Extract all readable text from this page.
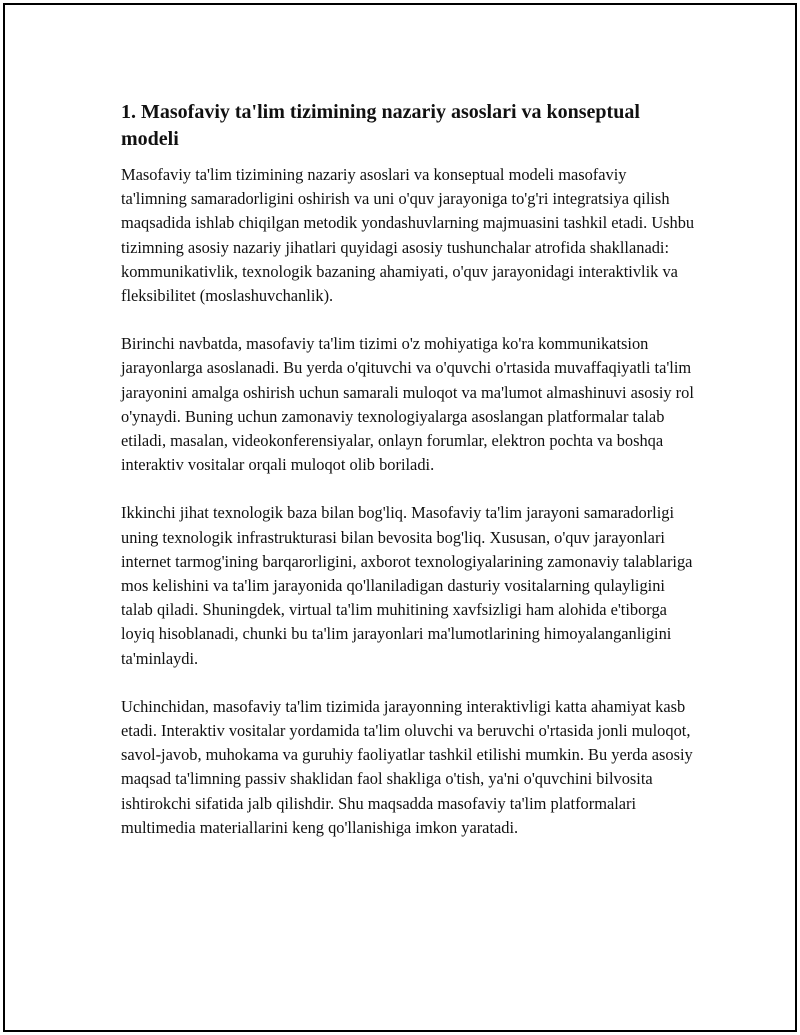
1. Masofaviy ta'lim tizimining nazariy asoslari va konseptual modeli

Masofaviy ta'lim tizimining nazariy asoslari va konseptual modeli masofaviy ta'limning samaradorligini oshirish va uni o'quv jarayoniga to'g'ri integratsiya qilish maqsadida ishlab chiqilgan metodik yondashuvlarning majmuasini tashkil etadi. Ushbu tizimning asosiy nazariy jihatlari quyidagi asosiy tushunchalar atrofida shakllanadi: kommunikativlik, texnologik bazaning ahamiyati, o'quv jarayonidagi interaktivlik va fleksibilitet (moslashuvchanlik).

Birinchi navbatda, masofaviy ta'lim tizimi o'z mohiyatiga ko'ra kommunikatsion jarayonlarga asoslanadi. Bu yerda o'qituvchi va o'quvchi o'rtasida muvaffaqiyatli ta'lim jarayonini amalga oshirish uchun samarali muloqot va ma'lumot almashinuvi asosiy rol o'ynaydi. Buning uchun zamonaviy texnologiyalarga asoslangan platformalar talab etiladi, masalan, videokonferensiyalar, onlayn forumlar, elektron pochta va boshqa interaktiv vositalar orqali muloqot olib boriladi.

Ikkinchi jihat texnologik baza bilan bog'liq. Masofaviy ta'lim jarayoni samaradorligi uning texnologik infrastrukturasi bilan bevosita bog'liq. Xususan, o'quv jarayonlari internet tarmog'ining barqarorligini, axborot texnologiyalarining zamonaviy talablariga mos kelishini va ta'lim jarayonida qo'llaniladigan dasturiy vositalarning qulayligini talab qiladi. Shuningdek, virtual ta'lim muhitining xavfsizligi ham alohida e'tiborga loyiq hisoblanadi, chunki bu ta'lim jarayonlari ma'lumotlarining himoyalanganligini ta'minlaydi.

Uchinchidan, masofaviy ta'lim tizimida jarayonning interaktivligi katta ahamiyat kasb etadi. Interaktiv vositalar yordamida ta'lim oluvchi va beruvchi o'rtasida jonli muloqot, savol-javob, muhokama va guruhiy faoliyatlar tashkil etilishi mumkin. Bu yerda asosiy maqsad ta'limning passiv shaklidan faol shakliga o'tish, ya'ni o'quvchini bilvosita ishtirokchi sifatida jalb qilishdir. Shu maqsadda masofaviy ta'lim platformalari multimedia materiallarini keng qo'llanishiga imkon yaratadi.
